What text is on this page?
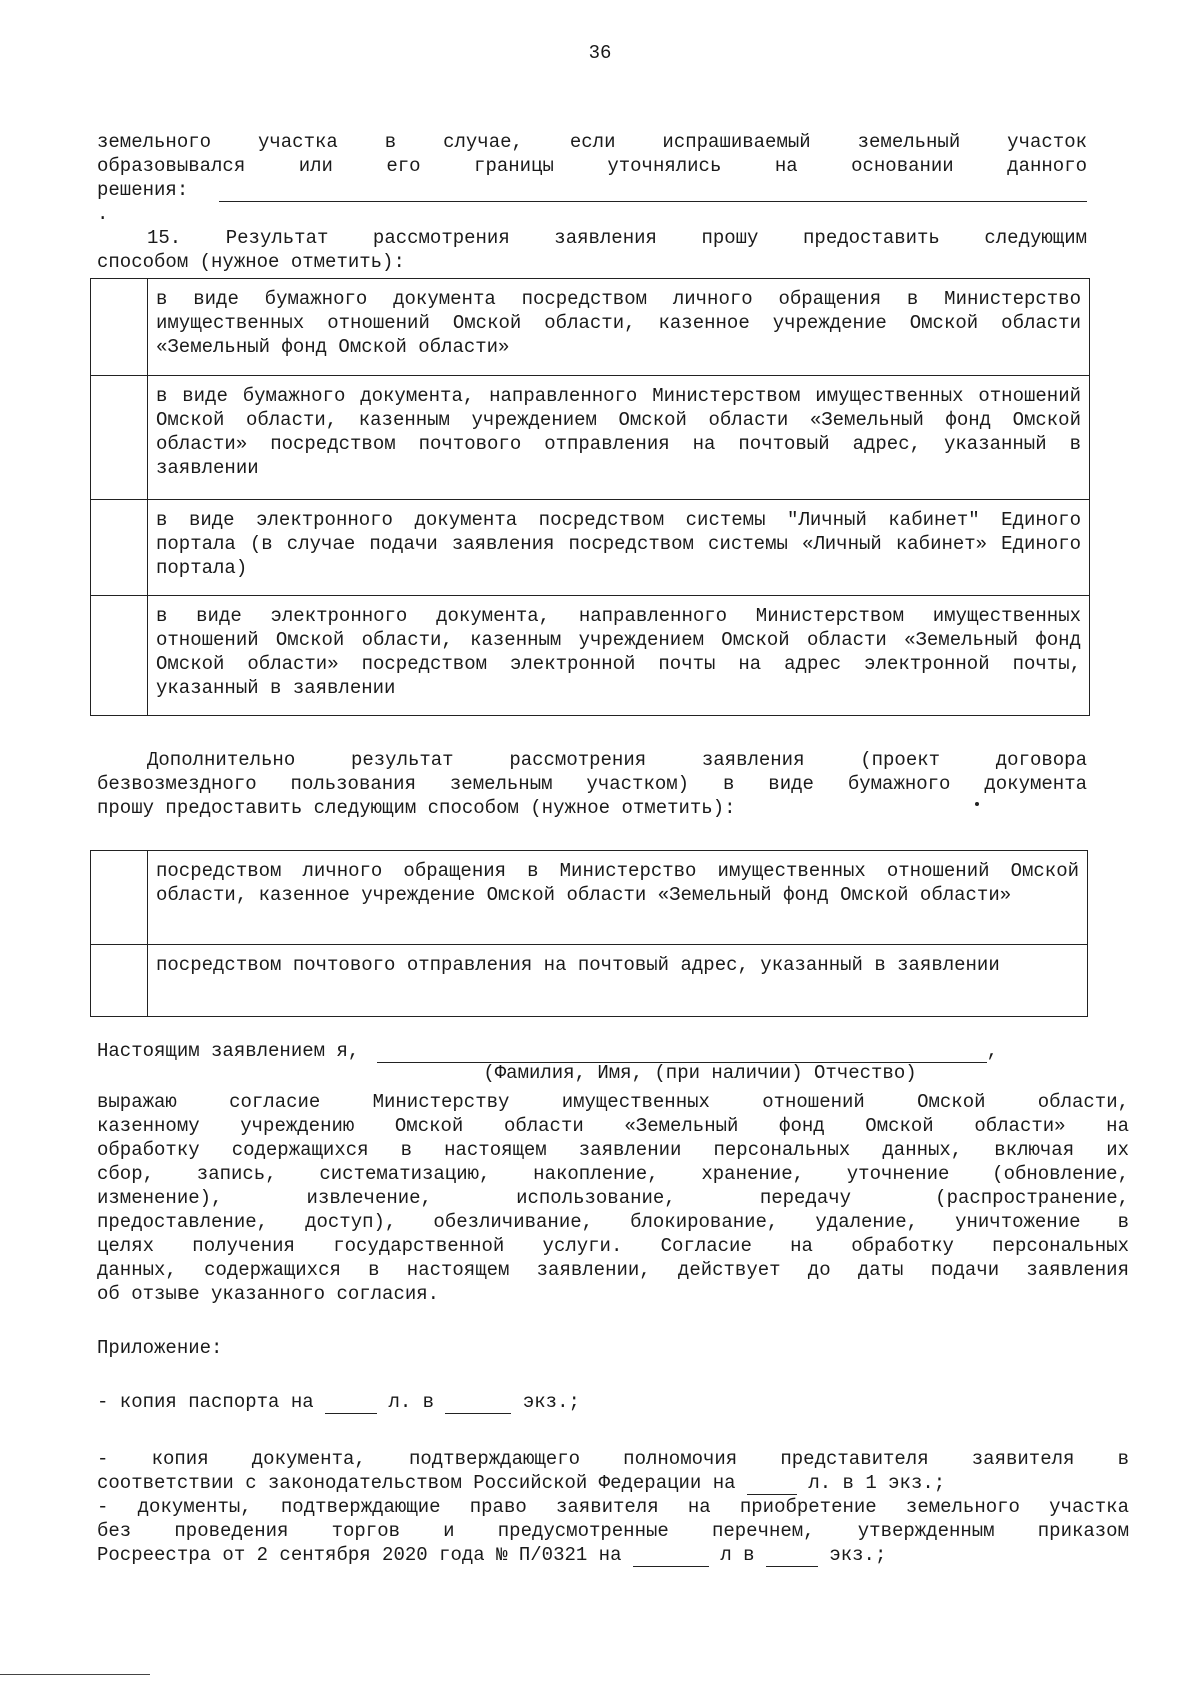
36
земельного участка в случае, если испрашиваемый земельный участок
образовывался или его границы уточнялись на основании данного
решения: .
15. Результат рассмотрения заявления прошу предоставить следующим
способом (нужное отметить):
	в виде бумажного документа посредством личного обращения в Министерство имущественных отношений Омской области, казенное учреждение Омской области «Земельный фонд Омской области»
	в виде бумажного документа, направленного Министерством имущественных отношений Омской области, казенным учреждением Омской области «Земельный фонд Омской области» посредством почтового отправления на почтовый адрес, указанный в заявлении
	в виде электронного документа посредством системы "Личный кабинет" Единого портала (в случае подачи заявления посредством системы «Личный кабинет» Единого портала)
	в виде электронного документа, направленного Министерством имущественных отношений Омской области, казенным учреждением Омской области «Земельный фонд Омской области» посредством электронной почты на адрес электронной почты, указанный в заявлении
Дополнительно результат рассмотрения заявления (проект договора
безвозмездного пользования земельным участком) в виде бумажного документа
прошу предоставить следующим способом (нужное отметить):
	посредством личного обращения в Министерство имущественных отношений Омской области, казенное учреждение Омской области «Земельный фонд Омской области»
	посредством почтового отправления на почтовый адрес, указанный в заявлении
Настоящим заявлением я,	,
(Фамилия, Имя, (при наличии) Отчество)
выражаю согласие Министерству имущественных отношений Омской области,
казенному учреждению Омской области «Земельный фонд Омской области» на
обработку содержащихся в настоящем заявлении персональных данных, включая их
сбор, запись, систематизацию, накопление, хранение, уточнение (обновление,
изменение), извлечение, использование, передачу (распространение,
предоставление, доступ), обезличивание, блокирование, удаление, уничтожение в
целях получения государственной услуги. Согласие на обработку персональных
данных, содержащихся в настоящем заявлении, действует до даты подачи заявления
об отзыве указанного согласия.
Приложение:
- копия паспорта на	л. в	экз.;
- копия документа, подтверждающего полномочия представителя заявителя в
соответствии с законодательством Российской Федерации на	л. в 1 экз.;
- документы, подтверждающие право заявителя на приобретение земельного участка
без проведения торгов и предусмотренные перечнем, утвержденным приказом
Росреестра от 2 сентября 2020 года № П/0321 на	л в	экз.;
